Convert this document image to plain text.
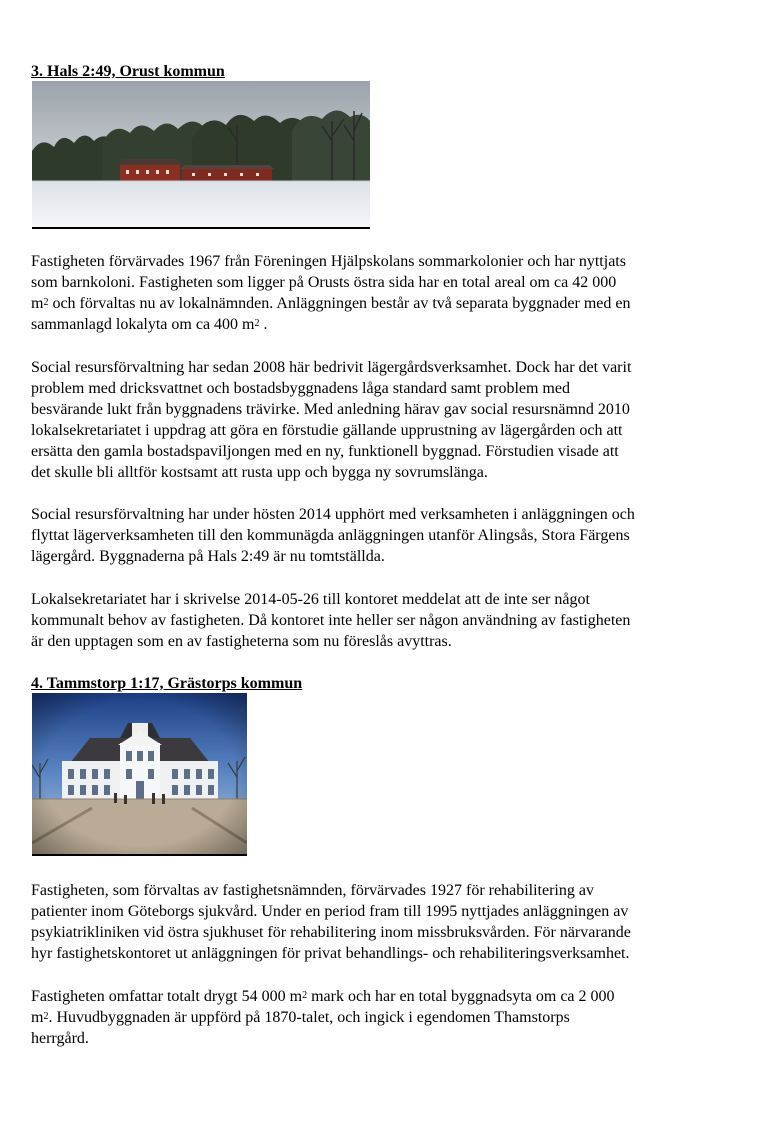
3. Hals 2:49, Orust kommun
Fastigheten förvärvades 1967 från Föreningen Hjälpskolans sommarkolonier och har nyttjats
som barnkoloni. Fastigheten som ligger på Orusts östra sida har en total areal om ca 42 000
$m^2$ och förvaltas nu av lokalnämnden. Anläggningen består av två separata byggnader med en
sammanlagd lokalyta om ca 400 $m^2$ .
Social resursförvaltning har sedan 2008 här bedrivit lägergårdsverksamhet. Dock har det varit
problem med dricksvattnet och bostadsbyggnadens låga standard samt problem med
besvärande lukt från byggnadens trävirke. Med anledning härav gav social resursnämnd 2010
lokalsekretariatet i uppdrag att göra en förstudie gällande upprustning av lägergården och att
ersätta den gamla bostadspaviljongen med en ny, funktionell byggnad. Förstudien visade att
det skulle bli alltför kostsamt att rusta upp och bygga ny sovrumslänga.
Social resursförvaltning har under hösten 2014 upphört med verksamheten i anläggningen och
flyttat lägerverksamheten till den kommunägda anläggningen utanför Alingsås, Stora Färgens
lägergård. Byggnaderna på Hals 2:49 är nu tomtställda.
Lokalsekretariatet har i skrivelse 2014-05-26 till kontoret meddelat att de inte ser något
kommunalt behov av fastigheten. Då kontoret inte heller ser någon användning av fastigheten
är den upptagen som en av fastigheterna som nu föreslås avyttras.
4. Tammstorp 1:17, Grästorps kommun
Fastigheten, som förvaltas av fastighetsnämnden, förvärvades 1927 för rehabilitering av
patienter inom Göteborgs sjukvård. Under en period fram till 1995 nyttjades anläggningen av
psykiatrikliniken vid östra sjukhuset för rehabilitering inom missbruksvården. För närvarande
hyr fastighetskontoret ut anläggningen för privat behandlings- och rehabiliteringsverksamhet.
Fastigheten omfattar totalt drygt 54 000 $m^2$ mark och har en total byggnadsyta om ca 2 000
$m^2$. Huvudbyggnaden är uppförd på 1870-talet, och ingick i egendomen Thamstorps
herrgård.
